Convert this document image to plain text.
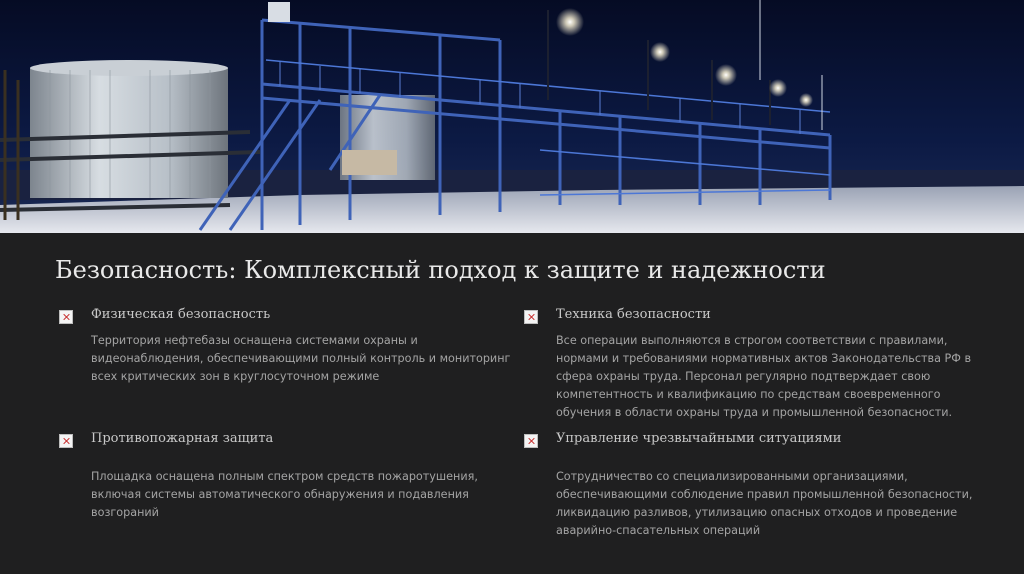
Безопасность: Комплексный подход к защите и надежности
Физическая безопасность
Территория нефтебазы оснащена системами охраны и видеонаблюдения, обеспечивающими полный контроль и мониторинг всех критических зон в круглосуточном режиме
Техника безопасности
Все операции выполняются в строгом соответствии с правилами, нормами и требованиями нормативных актов Законодательства РФ в сфера охраны труда. Персонал регулярно подтверждает свою компетентность и квалификацию по средствам своевременного обучения в области охраны труда и промышленной безопасности.
Противопожарная защита
Площадка оснащена полным спектром средств пожаротушения, включая системы автоматического обнаружения и подавления возгораний
Управление чрезвычайными ситуациями
Сотрудничество со специализированными организациями, обеспечивающими соблюдение правил промышленной безопасности, ликвидацию разливов, утилизацию опасных отходов и проведение аварийно-спасательных операций
